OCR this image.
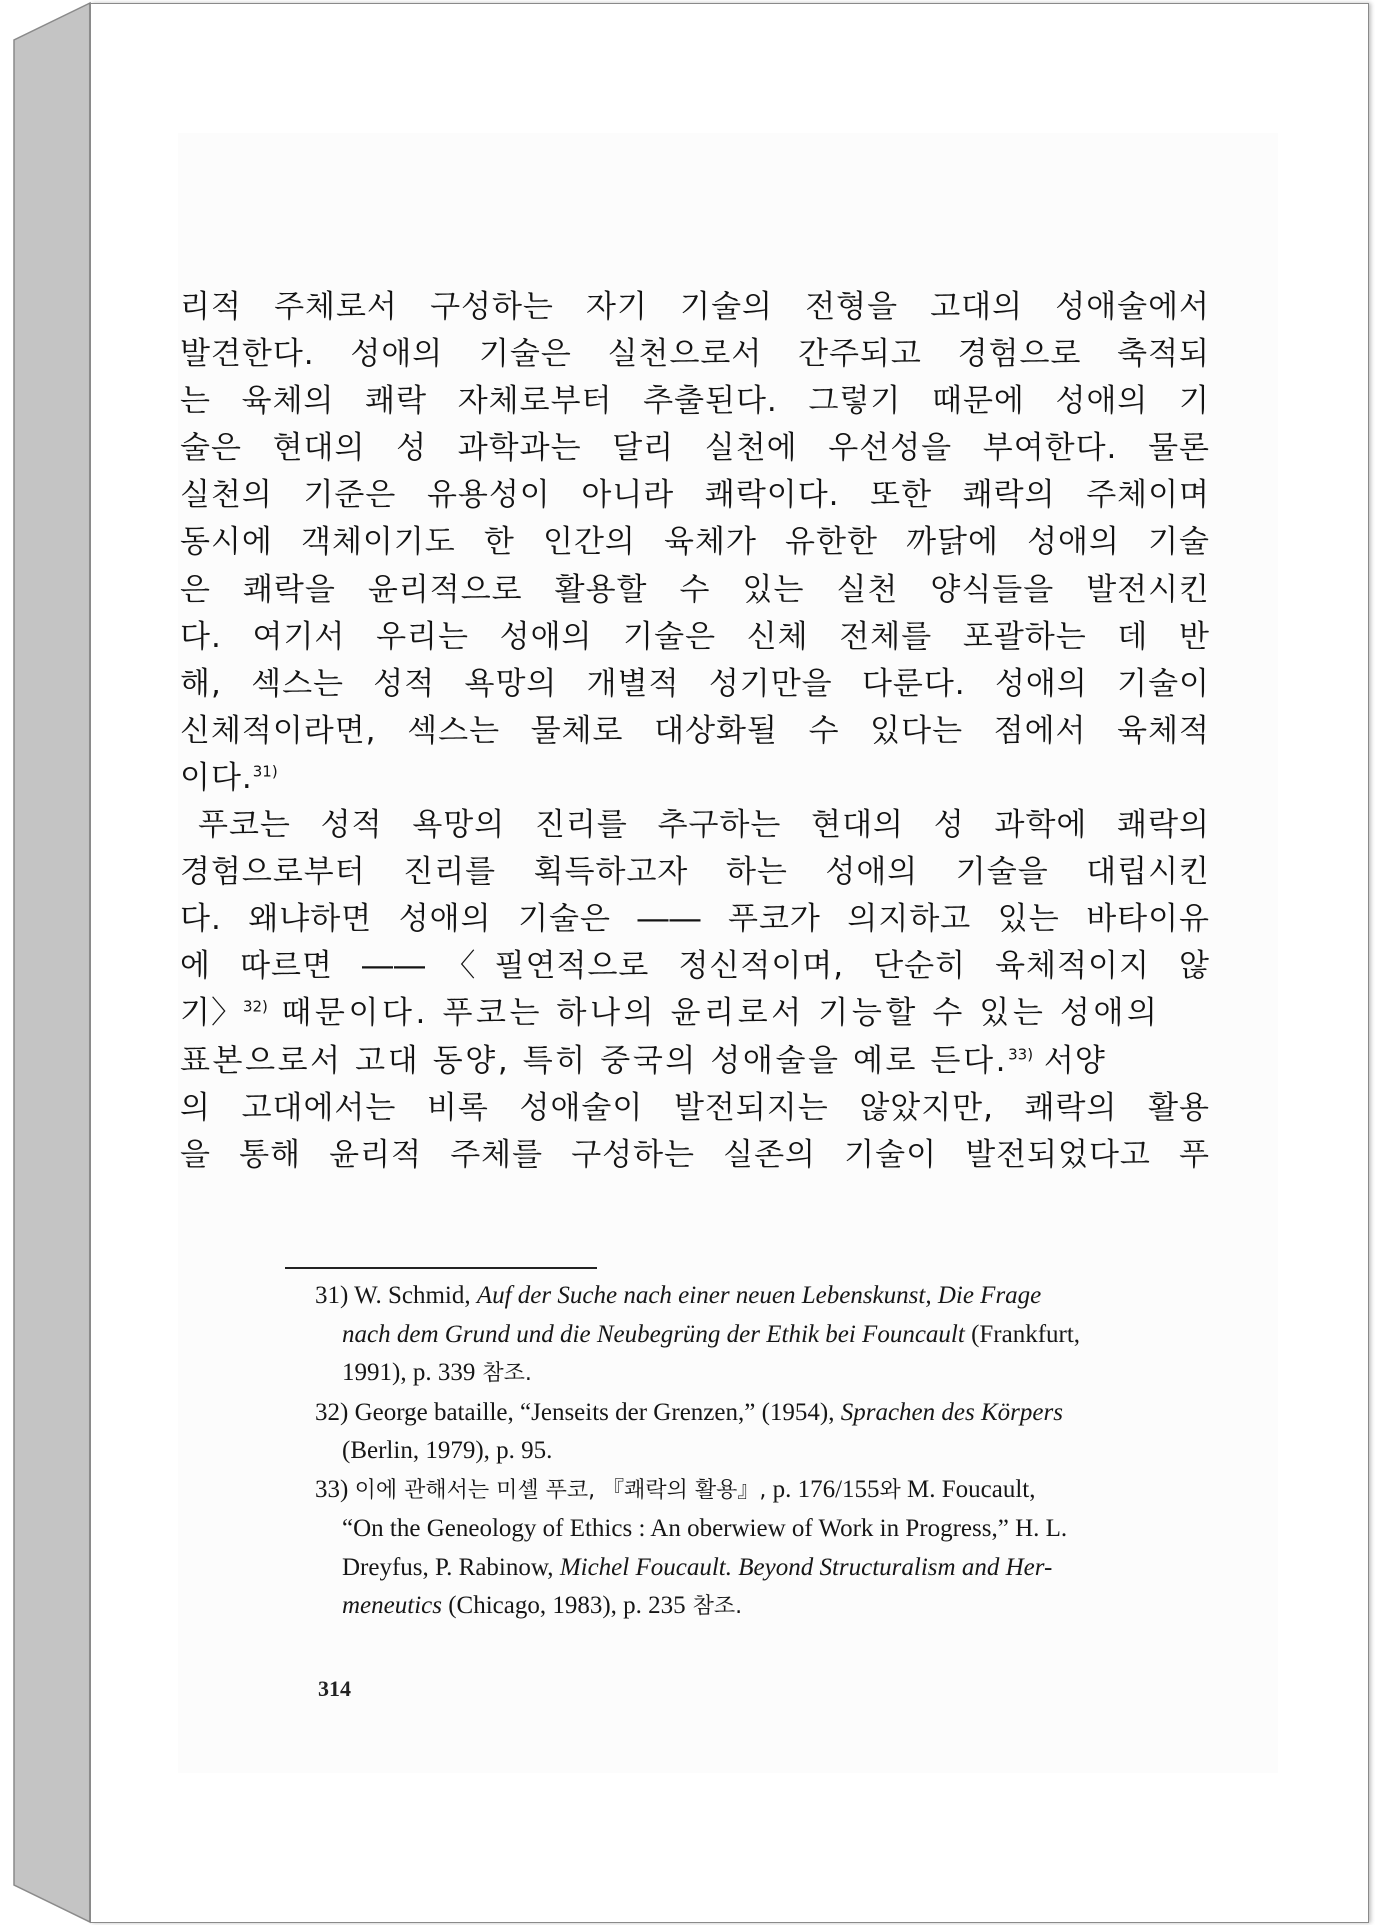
리적 주체로서 구성하는 자기 기술의 전형을 고대의 성애술에서
발견한다. 성애의 기술은 실천으로서 간주되고 경험으로 축적되
는 육체의 쾌락 자체로부터 추출된다. 그렇기 때문에 성애의 기
술은 현대의 성 과학과는 달리 실천에 우선성을 부여한다. 물론
실천의 기준은 유용성이 아니라 쾌락이다. 또한 쾌락의 주체이며
동시에 객체이기도 한 인간의 육체가 유한한 까닭에 성애의 기술
은 쾌락을 윤리적으로 활용할 수 있는 실천 양식들을 발전시킨
다. 여기서 우리는 성애의 기술은 신체 전체를 포괄하는 데 반
해, 섹스는 성적 욕망의 개별적 성기만을 다룬다. 성애의 기술이
신체적이라면, 섹스는 물체로 대상화될 수 있다는 점에서 육체적
이다.$^{31)}$
푸코는 성적 욕망의 진리를 추구하는 현대의 성 과학에 쾌락의
경험으로부터 진리를 획득하고자 하는 성애의 기술을 대립시킨
다. 왜냐하면 성애의 기술은 ―― 푸코가 의지하고 있는 바타이유
에 따르면 ――〈필연적으로 정신적이며, 단순히 육체적이지 않
기〉$^{32)}$ 때문이다. 푸코는 하나의 윤리로서 기능할 수 있는 성애의
표본으로서 고대 동양, 특히 중국의 성애술을 예로 든다.$^{33)}$ 서양
의 고대에서는 비록 성애술이 발전되지는 않았지만, 쾌락의 활용
을 통해 윤리적 주체를 구성하는 실존의 기술이 발전되었다고 푸
31) W. Schmid, Auf der Suche nach einer neuen Lebenskunst, Die Frage
nach dem Grund und die Neubegrüng der Ethik bei Founcault (Frankfurt,
1991), p. 339 참조.
32) George bataille, “Jenseits der Grenzen,” (1954), Sprachen des Körpers
(Berlin, 1979), p. 95.
33) 이에 관해서는 미셸 푸코, 『쾌락의 활용』, p. 176/155와 M. Foucault,
“On the Geneology of Ethics : An oberwiew of Work in Progress,” H. L.
Dreyfus, P. Rabinow, Michel Foucault. Beyond Structuralism and Her-
meneutics (Chicago, 1983), p. 235 참조.
314
